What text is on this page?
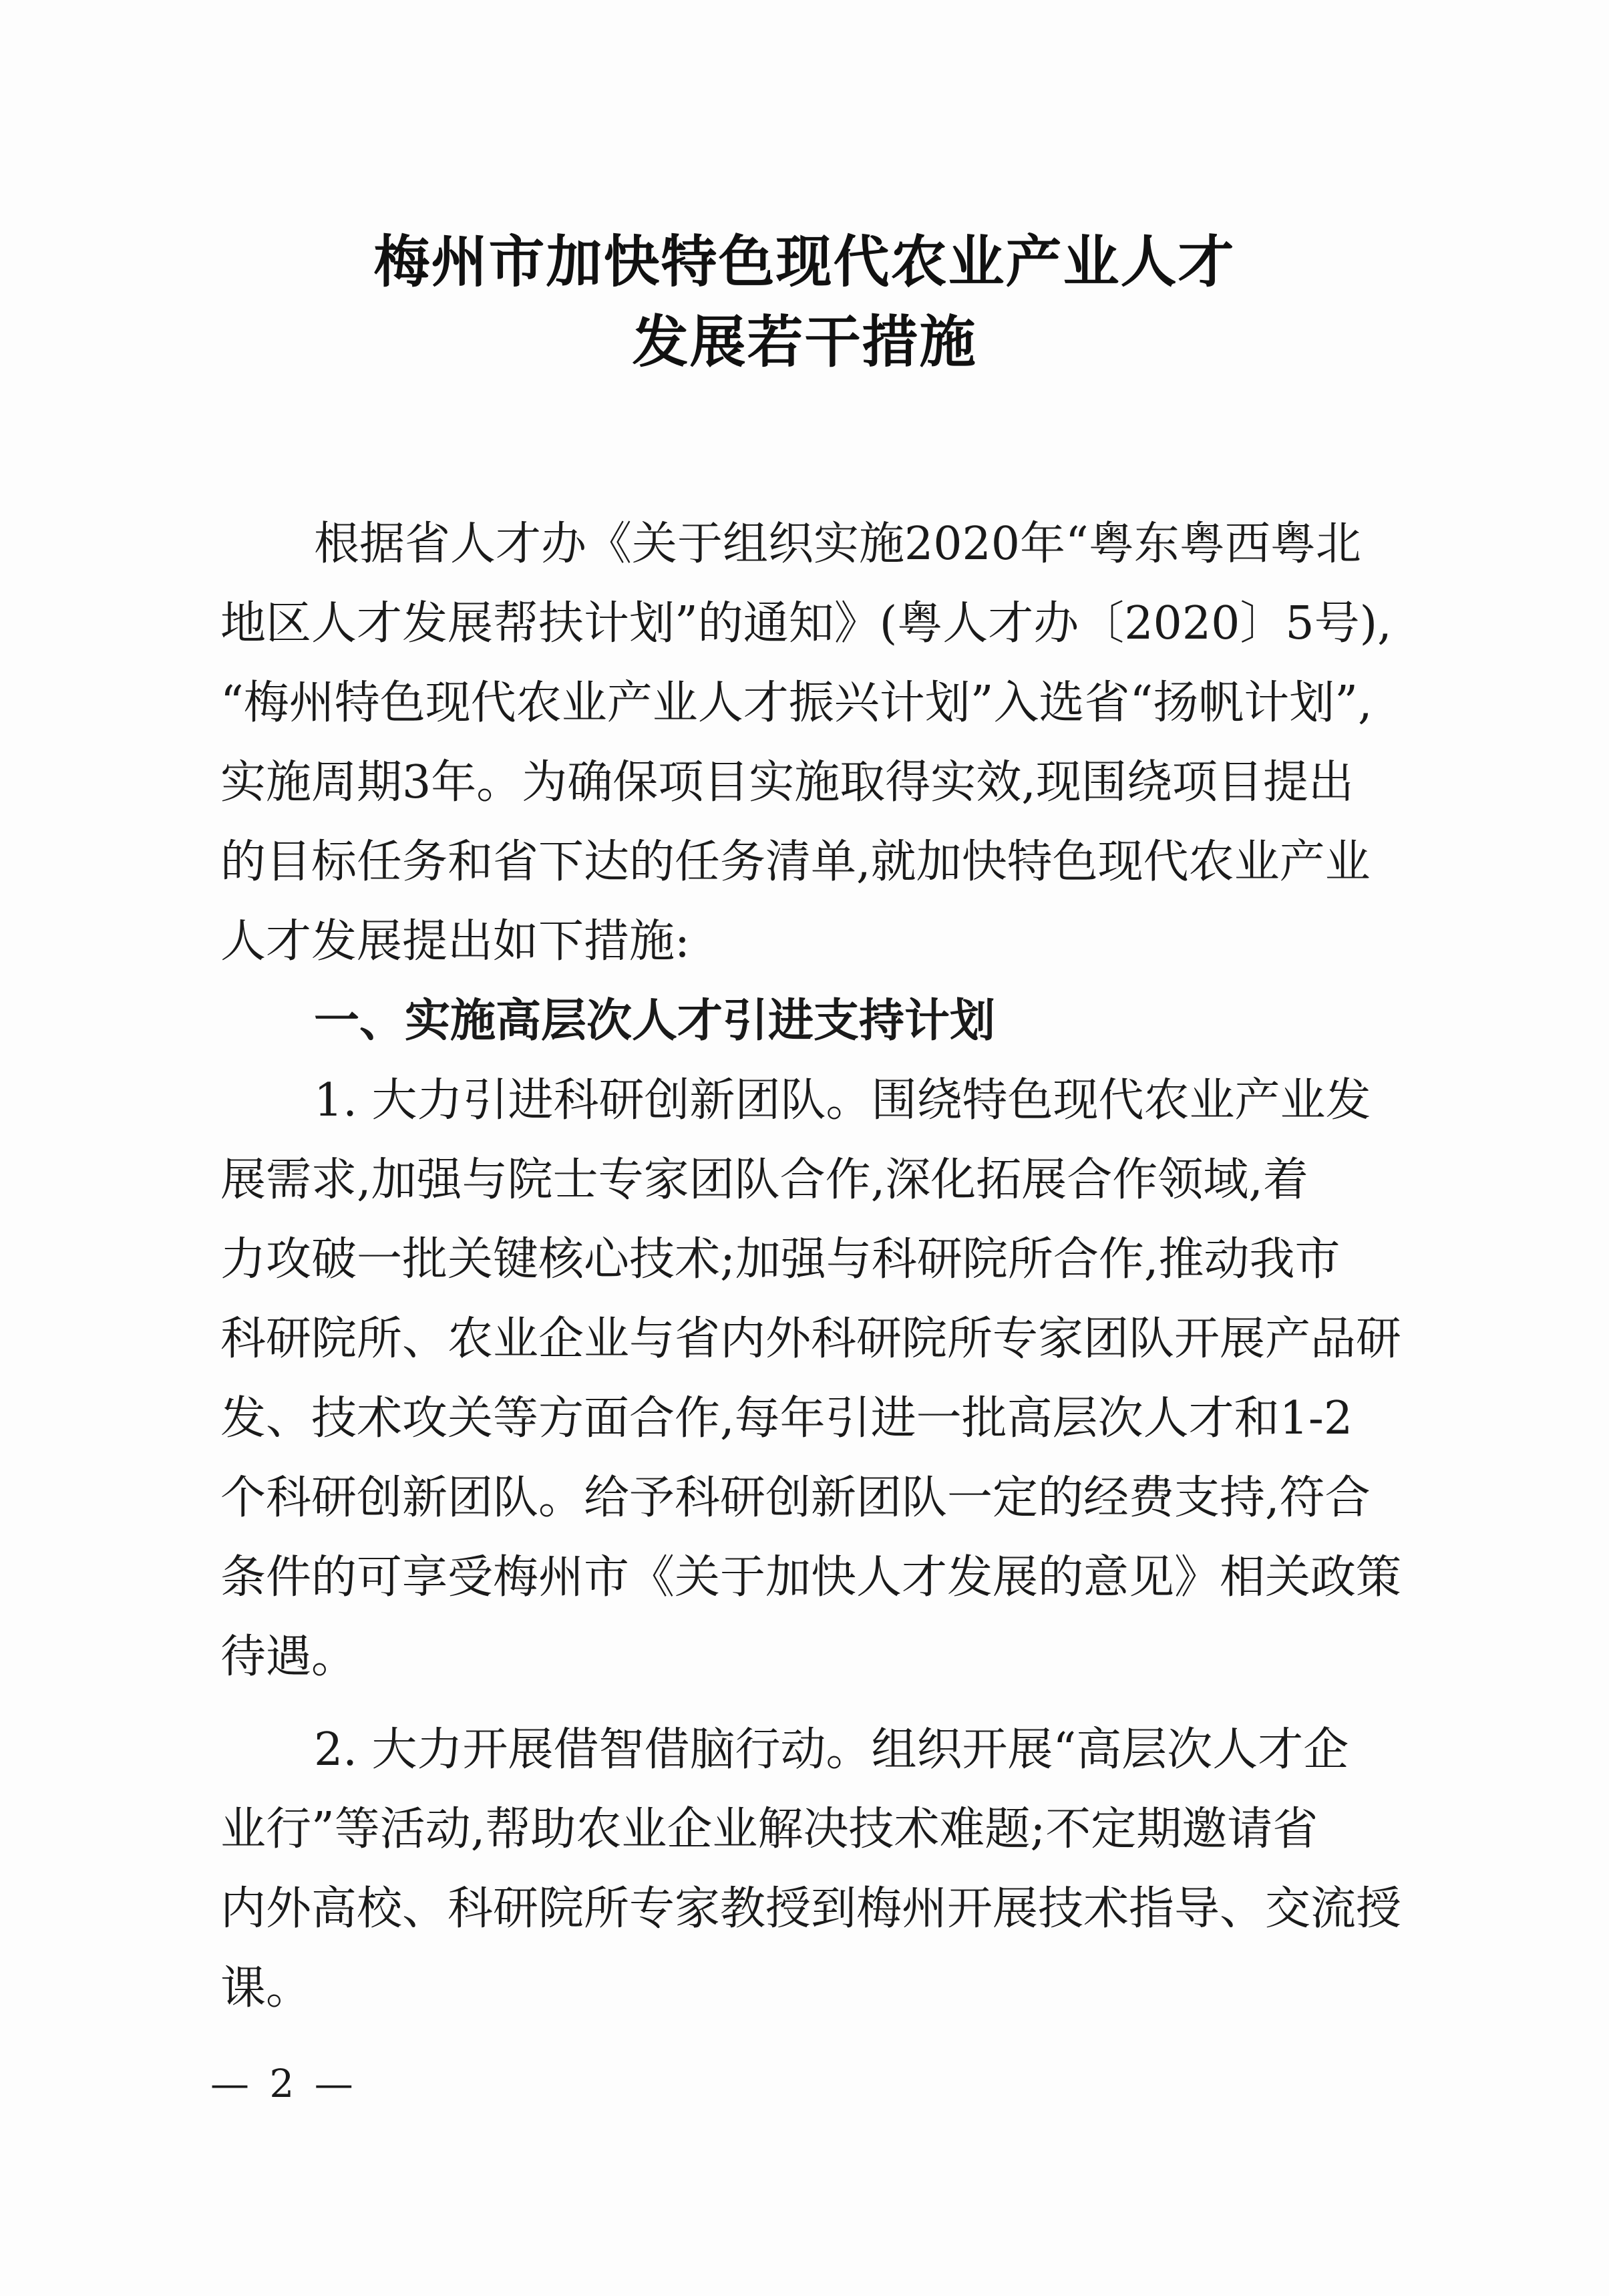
梅州市加快特色现代农业产业人才
发展若干措施
根据省人才办《关于组织实施2020年“粤东粤西粤北
地区人才发展帮扶计划”的通知》(粤人才办〔2020〕5号),
“梅州特色现代农业产业人才振兴计划”入选省“扬帆计划”,
实施周期3年。为确保项目实施取得实效,现围绕项目提出
的目标任务和省下达的任务清单,就加快特色现代农业产业
人才发展提出如下措施:
一、实施高层次人才引进支持计划
1. 大力引进科研创新团队。围绕特色现代农业产业发
展需求,加强与院士专家团队合作,深化拓展合作领域,着
力攻破一批关键核心技术;加强与科研院所合作,推动我市
科研院所、农业企业与省内外科研院所专家团队开展产品研
发、技术攻关等方面合作,每年引进一批高层次人才和1-2
个科研创新团队。给予科研创新团队一定的经费支持,符合
条件的可享受梅州市《关于加快人才发展的意见》相关政策
待遇。
2. 大力开展借智借脑行动。组织开展“高层次人才企
业行”等活动,帮助农业企业解决技术难题;不定期邀请省
内外高校、科研院所专家教授到梅州开展技术指导、交流授
课。
— 2 —
